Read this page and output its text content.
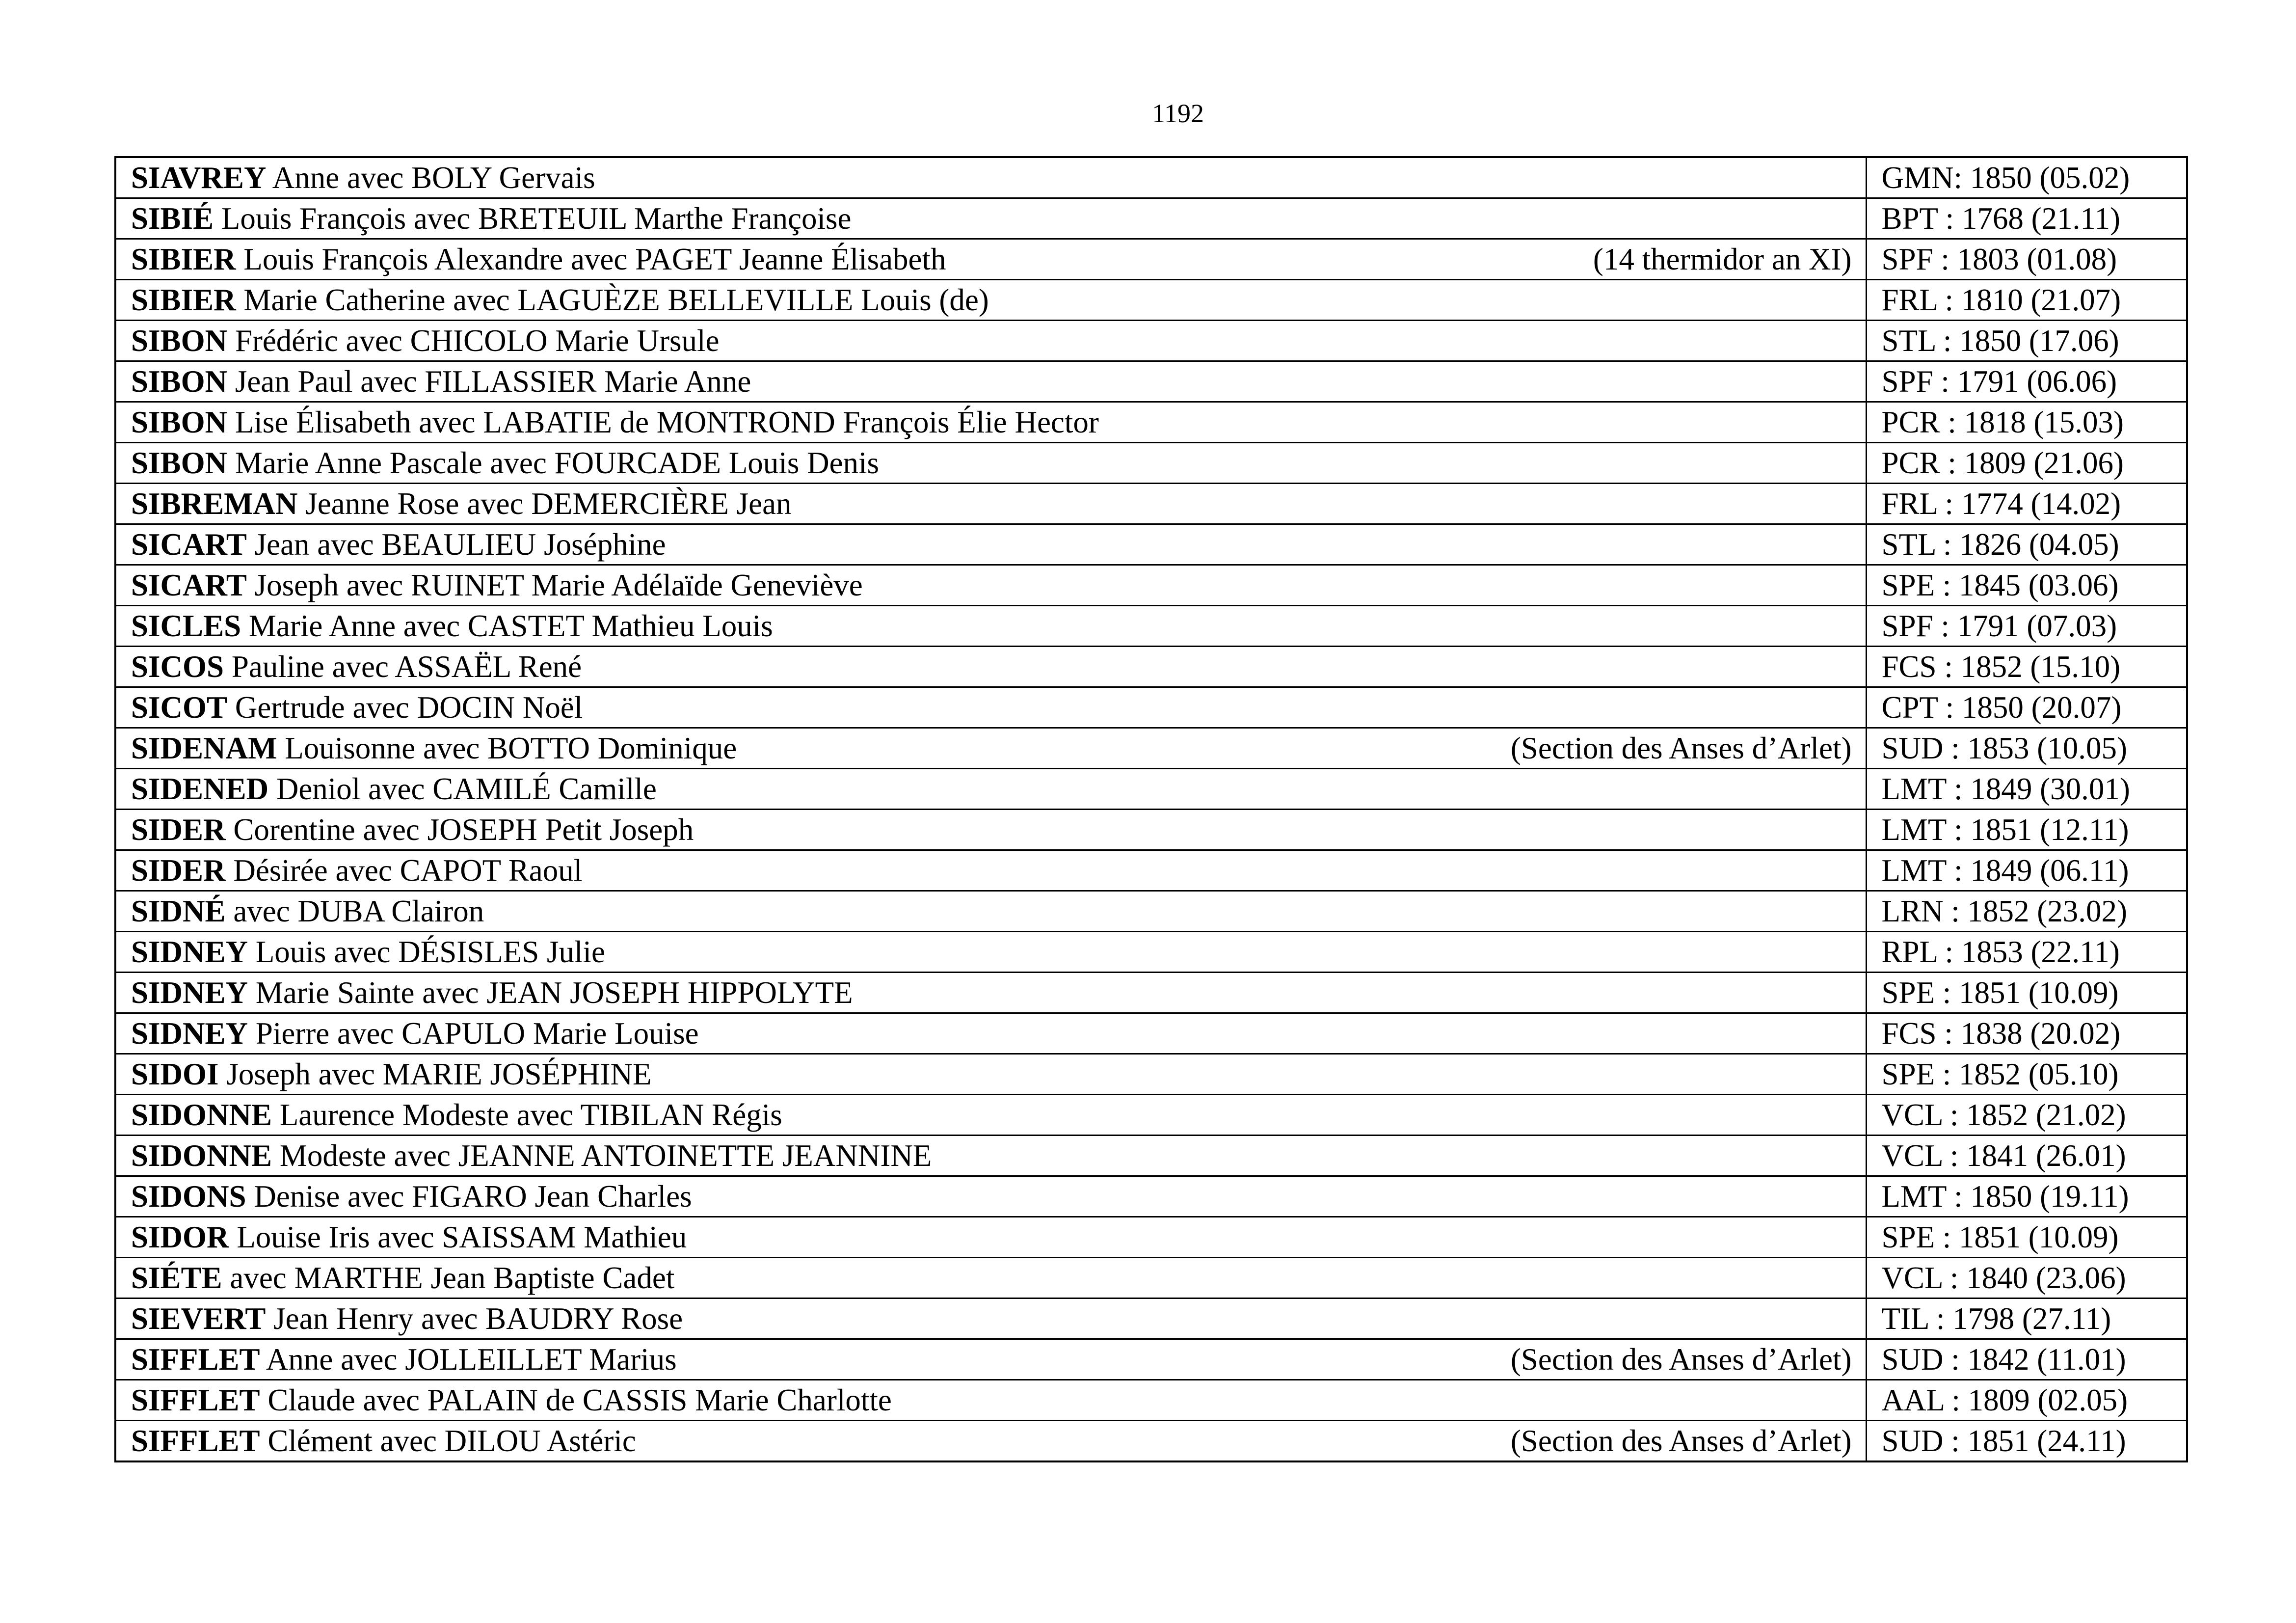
1192
SIAVREY Anne avec BOLY Gervais	GMN: 1850 (05.02)

SIBIÉ Louis François avec BRETEUIL Marthe Françoise	BPT : 1768 (21.11)

SIBIER Louis François Alexandre avec PAGET Jeanne Élisabeth (14 thermidor an XI)	SPF : 1803 (01.08)

SIBIER Marie Catherine avec LAGUÈZE BELLEVILLE Louis (de)	FRL : 1810 (21.07)

SIBON Frédéric avec CHICOLO Marie Ursule	STL : 1850 (17.06)

SIBON Jean Paul avec FILLASSIER Marie Anne	SPF : 1791 (06.06)

SIBON Lise Élisabeth avec LABATIE de MONTROND François Élie Hector	PCR : 1818 (15.03)

SIBON Marie Anne Pascale avec FOURCADE Louis Denis	PCR : 1809 (21.06)

SIBREMAN Jeanne Rose avec DEMERCIÈRE Jean	FRL : 1774 (14.02)

SICART Jean avec BEAULIEU Joséphine	STL : 1826 (04.05)

SICART Joseph avec RUINET Marie Adélaïde Geneviève	SPE : 1845 (03.06)

SICLES Marie Anne avec CASTET Mathieu Louis	SPF : 1791 (07.03)

SICOS Pauline avec ASSAËL René	FCS : 1852 (15.10)

SICOT Gertrude avec DOCIN Noël	CPT : 1850 (20.07)

SIDENAM Louisonne avec BOTTO Dominique (Section des Anses d’Arlet)	SUD : 1853 (10.05)

SIDENED Deniol avec CAMILÉ Camille	LMT : 1849 (30.01)

SIDER Corentine avec JOSEPH Petit Joseph	LMT : 1851 (12.11)

SIDER Désirée avec CAPOT Raoul	LMT : 1849 (06.11)

SIDNÉ avec DUBA Clairon	LRN : 1852 (23.02)

SIDNEY Louis avec DÉSISLES Julie	RPL : 1853 (22.11)

SIDNEY Marie Sainte avec JEAN JOSEPH HIPPOLYTE	SPE : 1851 (10.09)

SIDNEY Pierre avec CAPULO Marie Louise	FCS : 1838 (20.02)

SIDOI Joseph avec MARIE JOSÉPHINE	SPE : 1852 (05.10)

SIDONNE Laurence Modeste avec TIBILAN Régis	VCL : 1852 (21.02)

SIDONNE Modeste avec JEANNE ANTOINETTE JEANNINE	VCL : 1841 (26.01)

SIDONS Denise avec FIGARO Jean Charles	LMT : 1850 (19.11)

SIDOR Louise Iris avec SAISSAM Mathieu	SPE : 1851 (10.09)

SIÉTE avec MARTHE Jean Baptiste Cadet	VCL : 1840 (23.06)

SIEVERT Jean Henry avec BAUDRY Rose	TIL : 1798 (27.11)

SIFFLET Anne avec JOLLEILLET Marius (Section des Anses d’Arlet)	SUD : 1842 (11.01)

SIFFLET Claude avec PALAIN de CASSIS Marie Charlotte	AAL : 1809 (02.05)

SIFFLET Clément avec DILOU Astéric (Section des Anses d’Arlet)	SUD : 1851 (24.11)
